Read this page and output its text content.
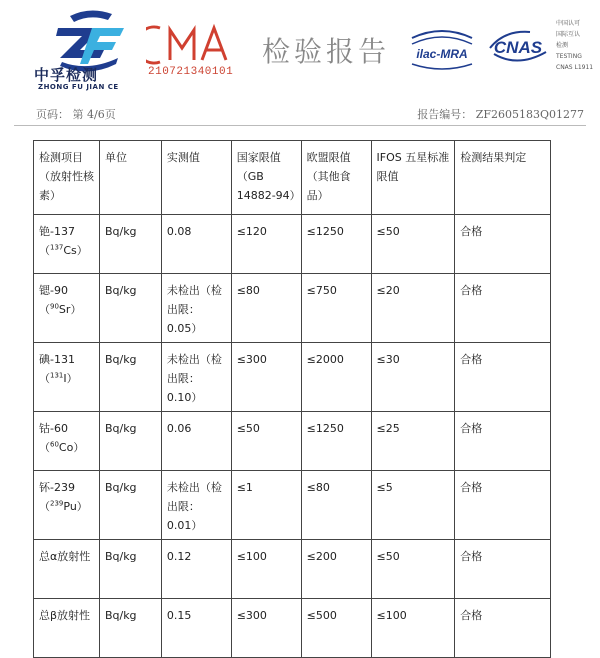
中孚检测
ZHONG FU JIAN CE
210721340101
检验报告 ilac-MRA CNAS
中国认可
国际互认
检测
TESTING
CNAS L1911
页码： 第 4/6页	报告编号： ZF2605183Q01277
检测项目（放射性核素）	单位	实测值	国家限值（GB 14882-94）	欧盟限值（其他食品）	IFOS 五星标准限值	检测结果判定
铯-137
（$^{137}$Cs）	Bq/kg	0.08	≤120	≤1250	≤50	合格
锶-90
（$^{90}$Sr）	Bq/kg	未检出（检出限：0.05）	≤80	≤750	≤20	合格
碘-131
（$^{131}$I）	Bq/kg	未检出（检出限：0.10）	≤300	≤2000	≤30	合格
钴-60
（$^{60}$Co）	Bq/kg	0.06	≤50	≤1250	≤25	合格
钚-239
（$^{239}$Pu）	Bq/kg	未检出（检出限：0.01）	≤1	≤80	≤5	合格
总α放射性	Bq/kg	0.12	≤100	≤200	≤50	合格
总β放射性	Bq/kg	0.15	≤300	≤500	≤100	合格
